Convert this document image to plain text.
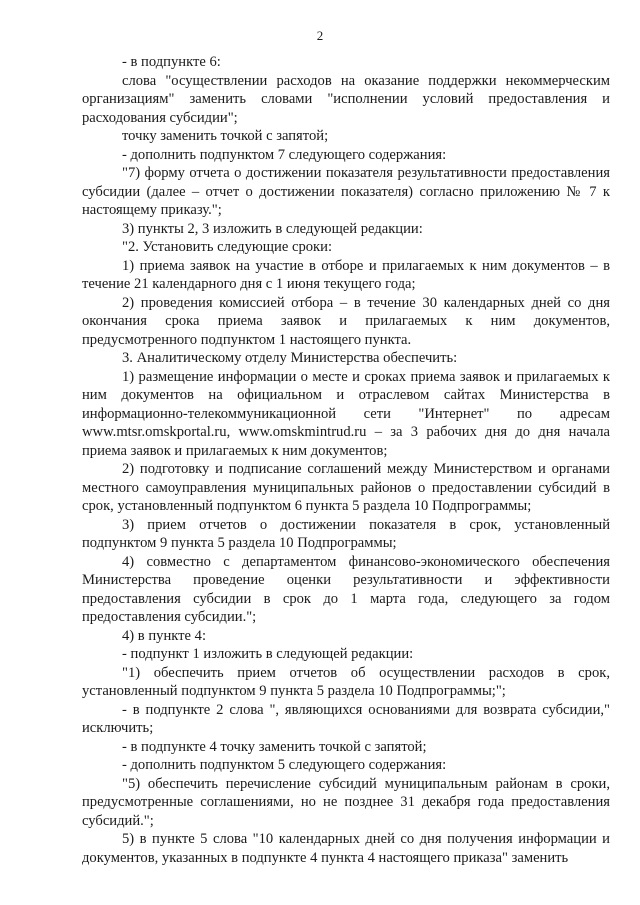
2

- в подпункте 6:

слова "осуществлении расходов на оказание поддержки некоммерческим организациям" заменить словами "исполнении условий предоставления и расходования субсидии";

точку заменить точкой с запятой;

- дополнить подпунктом 7 следующего содержания:

"7) форму отчета о достижении показателя результативности предоставления субсидии (далее – отчет о достижении показателя) согласно приложению № 7 к настоящему приказу.";

3) пункты 2, 3 изложить в следующей редакции:

"2. Установить следующие сроки:

1) приема заявок на участие в отборе и прилагаемых к ним документов – в течение 21 календарного дня с 1 июня текущего года;

2) проведения комиссией отбора – в течение 30 календарных дней со дня окончания срока приема заявок и прилагаемых к ним документов, предусмотренного подпунктом 1 настоящего пункта.

3. Аналитическому отделу Министерства обеспечить:

1) размещение информации о месте и сроках приема заявок и прилагаемых к ним документов на официальном и отраслевом сайтах Министерства в информационно-телекоммуникационной сети "Интернет" по адресам www.mtsr.omskportal.ru, www.omskmintrud.ru – за 3 рабочих дня до дня начала приема заявок и прилагаемых к ним документов;

2) подготовку и подписание соглашений между Министерством и органами местного самоуправления муниципальных районов о предоставлении субсидий в срок, установленный подпунктом 6 пункта 5 раздела 10 Подпрограммы;

3) прием отчетов о достижении показателя в срок, установленный подпунктом 9 пункта 5 раздела 10 Подпрограммы;

4) совместно с департаментом финансово-экономического обеспечения Министерства проведение оценки результативности и эффективности предоставления субсидии в срок до 1 марта года, следующего за годом предоставления субсидии.";

4) в пункте 4:

- подпункт 1 изложить в следующей редакции:

"1) обеспечить прием отчетов об осуществлении расходов в срок, установленный подпунктом 9 пункта 5 раздела 10 Подпрограммы;";

- в подпункте 2 слова ", являющихся основаниями для возврата субсидии," исключить;

- в подпункте 4 точку заменить точкой с запятой;

- дополнить подпунктом 5 следующего содержания:

"5) обеспечить перечисление субсидий муниципальным районам в сроки, предусмотренные соглашениями, но не позднее 31 декабря года предоставления субсидий.";

5) в пункте 5 слова "10 календарных дней со дня получения информации и документов, указанных в подпункте 4 пункта 4 настоящего приказа" заменить
